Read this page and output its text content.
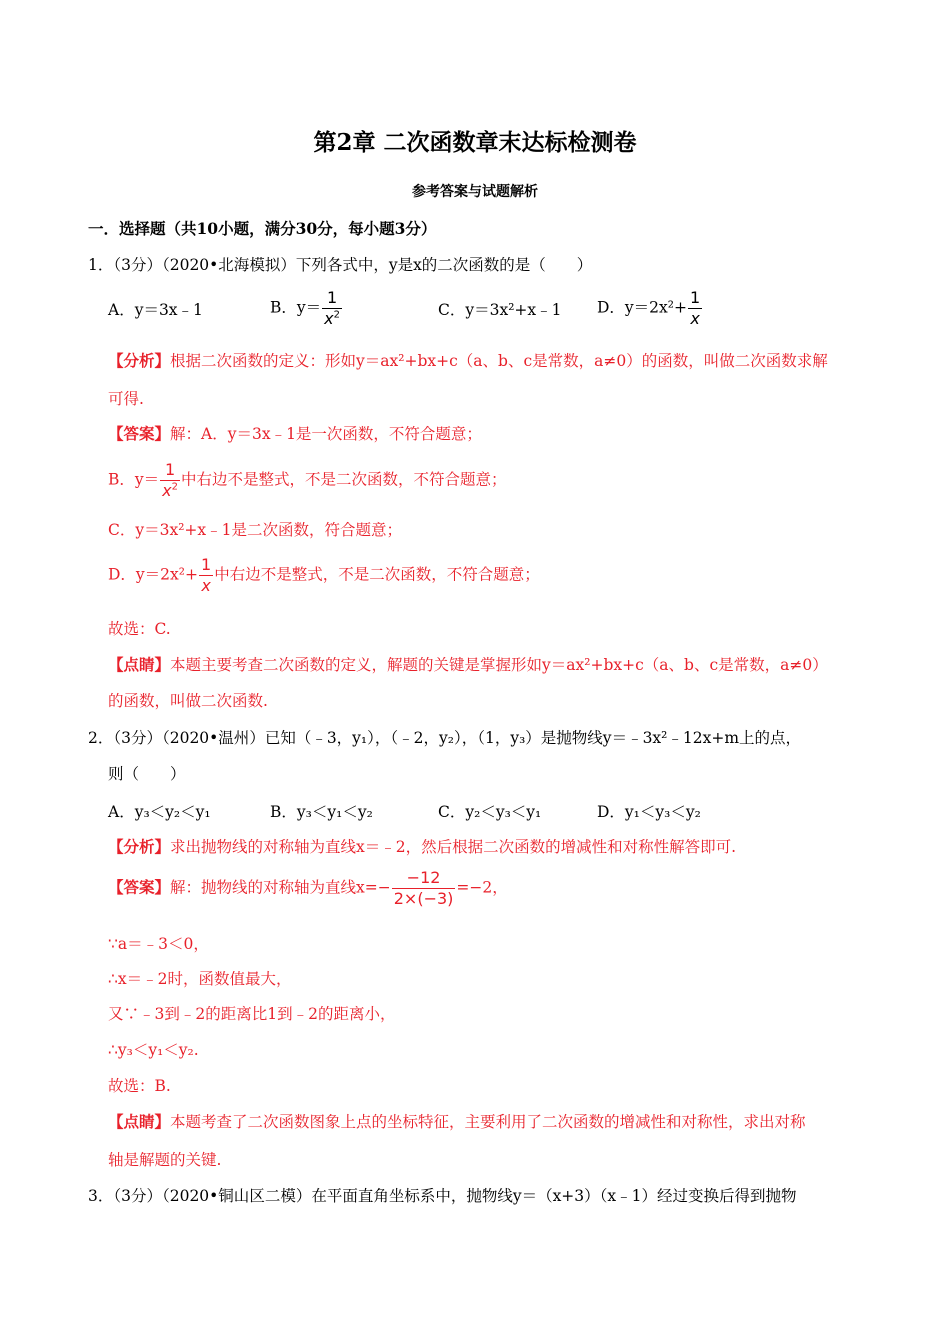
第2章 二次函数章末达标检测卷
参考答案与试题解析
一．选择题（共10小题，满分30分，每小题3分）
1．（3分）（2020•北海模拟）下列各式中，y是x的二次函数的是（　　）
A．y＝3x﹣1	B．$y= \frac{1}{x^2}$	C．y＝3x²+x﹣1 D．$y=2x^2+ \frac{1}{x}$
【分析】根据二次函数的定义：形如y＝ax²+bx+c（a、b、c是常数，a≠0）的函数，叫做二次函数求解
可得.
【答案】解：A．y＝3x﹣1是一次函数，不符合题意；
B．$y= \frac{1}{x^2}$ 中右边不是整式，不是二次函数，不符合题意；
C．y＝3x²+x﹣1是二次函数，符合题意；
D．$y=2x^2+ \frac{1}{x}$ 中右边不是整式，不是二次函数，不符合题意；
故选：C.
【点睛】本题主要考查二次函数的定义，解题的关键是掌握形如y＝ax²+bx+c（a、b、c是常数，a≠0）
的函数，叫做二次函数.
2．（3分）（2020•温州）已知（﹣3，y₁），（﹣2，y₂），（1，y₃）是抛物线y＝﹣3x²﹣12x+m上的点，
则（　　）
A．y₃＜y₂＜y₁	B．y₃＜y₁＜y₂	C．y₂＜y₃＜y₁	D．y₁＜y₃＜y₂
【分析】求出抛物线的对称轴为直线x＝﹣2，然后根据二次函数的增减性和对称性解答即可.
【答案】解：抛物线的对称轴为直线$x=- \frac{-12}{2\times(-3)} =-2$，
∵a＝﹣3＜0，
∴x＝﹣2时，函数值最大，
又∵﹣3到﹣2的距离比1到﹣2的距离小，
∴y₃＜y₁＜y₂.
故选：B.
【点睛】本题考查了二次函数图象上点的坐标特征，主要利用了二次函数的增减性和对称性，求出对称
轴是解题的关键.
3．（3分）（2020•铜山区二模）在平面直角坐标系中，抛物线y＝（x+3）（x﹣1）经过变换后得到抛物
